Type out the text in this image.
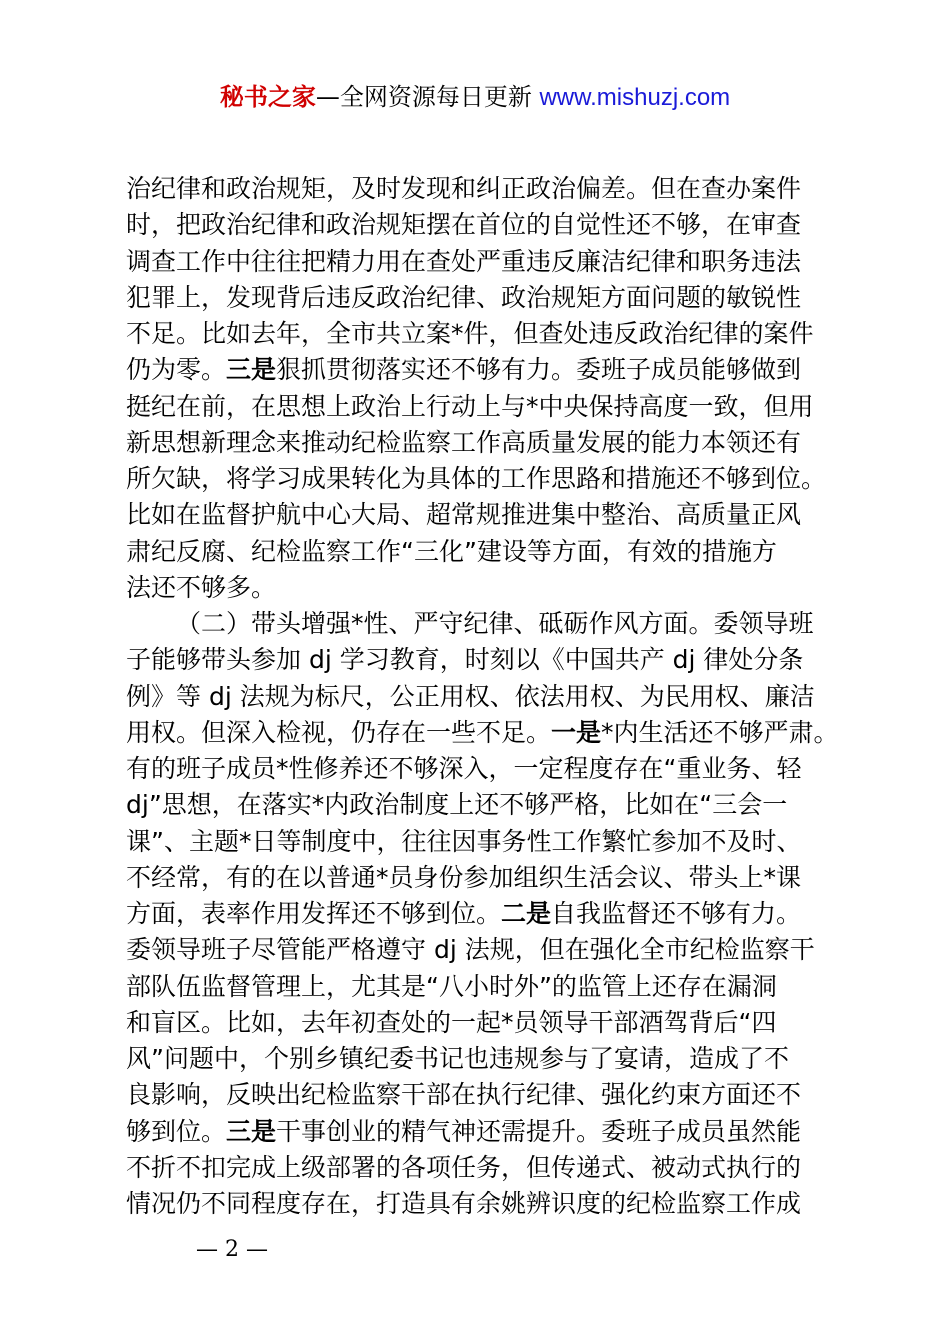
秘书之家—全网资源每日更新 www.mishuzj.com
治纪律和政治规矩，及时发现和纠正政治偏差。但在查办案件
时，把政治纪律和政治规矩摆在首位的自觉性还不够，在审查
调查工作中往往把精力用在查处严重违反廉洁纪律和职务违法
犯罪上，发现背后违反政治纪律、政治规矩方面问题的敏锐性
不足。比如去年，全市共立案*件，但查处违反政治纪律的案件
仍为零。三是狠抓贯彻落实还不够有力。委班子成员能够做到
挺纪在前，在思想上政治上行动上与*中央保持高度一致，但用
新思想新理念来推动纪检监察工作高质量发展的能力本领还有
所欠缺，将学习成果转化为具体的工作思路和措施还不够到位。
比如在监督护航中心大局、超常规推进集中整治、高质量正风
肃纪反腐、纪检监察工作“三化”建设等方面，有效的措施方
法还不够多。
（二）带头增强*性、严守纪律、砥砺作风方面。委领导班
子能够带头参加 dj 学习教育，时刻以《中国共产 dj 律处分条
例》等 dj 法规为标尺，公正用权、依法用权、为民用权、廉洁
用权。但深入检视，仍存在一些不足。一是*内生活还不够严肃。
有的班子成员*性修养还不够深入，一定程度存在“重业务、轻
dj”思想，在落实*内政治制度上还不够严格，比如在“三会一
课”、主题*日等制度中，往往因事务性工作繁忙参加不及时、
不经常，有的在以普通*员身份参加组织生活会议、带头上*课
方面，表率作用发挥还不够到位。二是自我监督还不够有力。
委领导班子尽管能严格遵守 dj 法规，但在强化全市纪检监察干
部队伍监督管理上，尤其是“八小时外”的监管上还存在漏洞
和盲区。比如，去年初查处的一起*员领导干部酒驾背后“四
风”问题中，个别乡镇纪委书记也违规参与了宴请，造成了不
良影响，反映出纪检监察干部在执行纪律、强化约束方面还不
够到位。三是干事创业的精气神还需提升。委班子成员虽然能
不折不扣完成上级部署的各项任务，但传递式、被动式执行的
情况仍不同程度存在，打造具有余姚辨识度的纪检监察工作成
— 2 —
